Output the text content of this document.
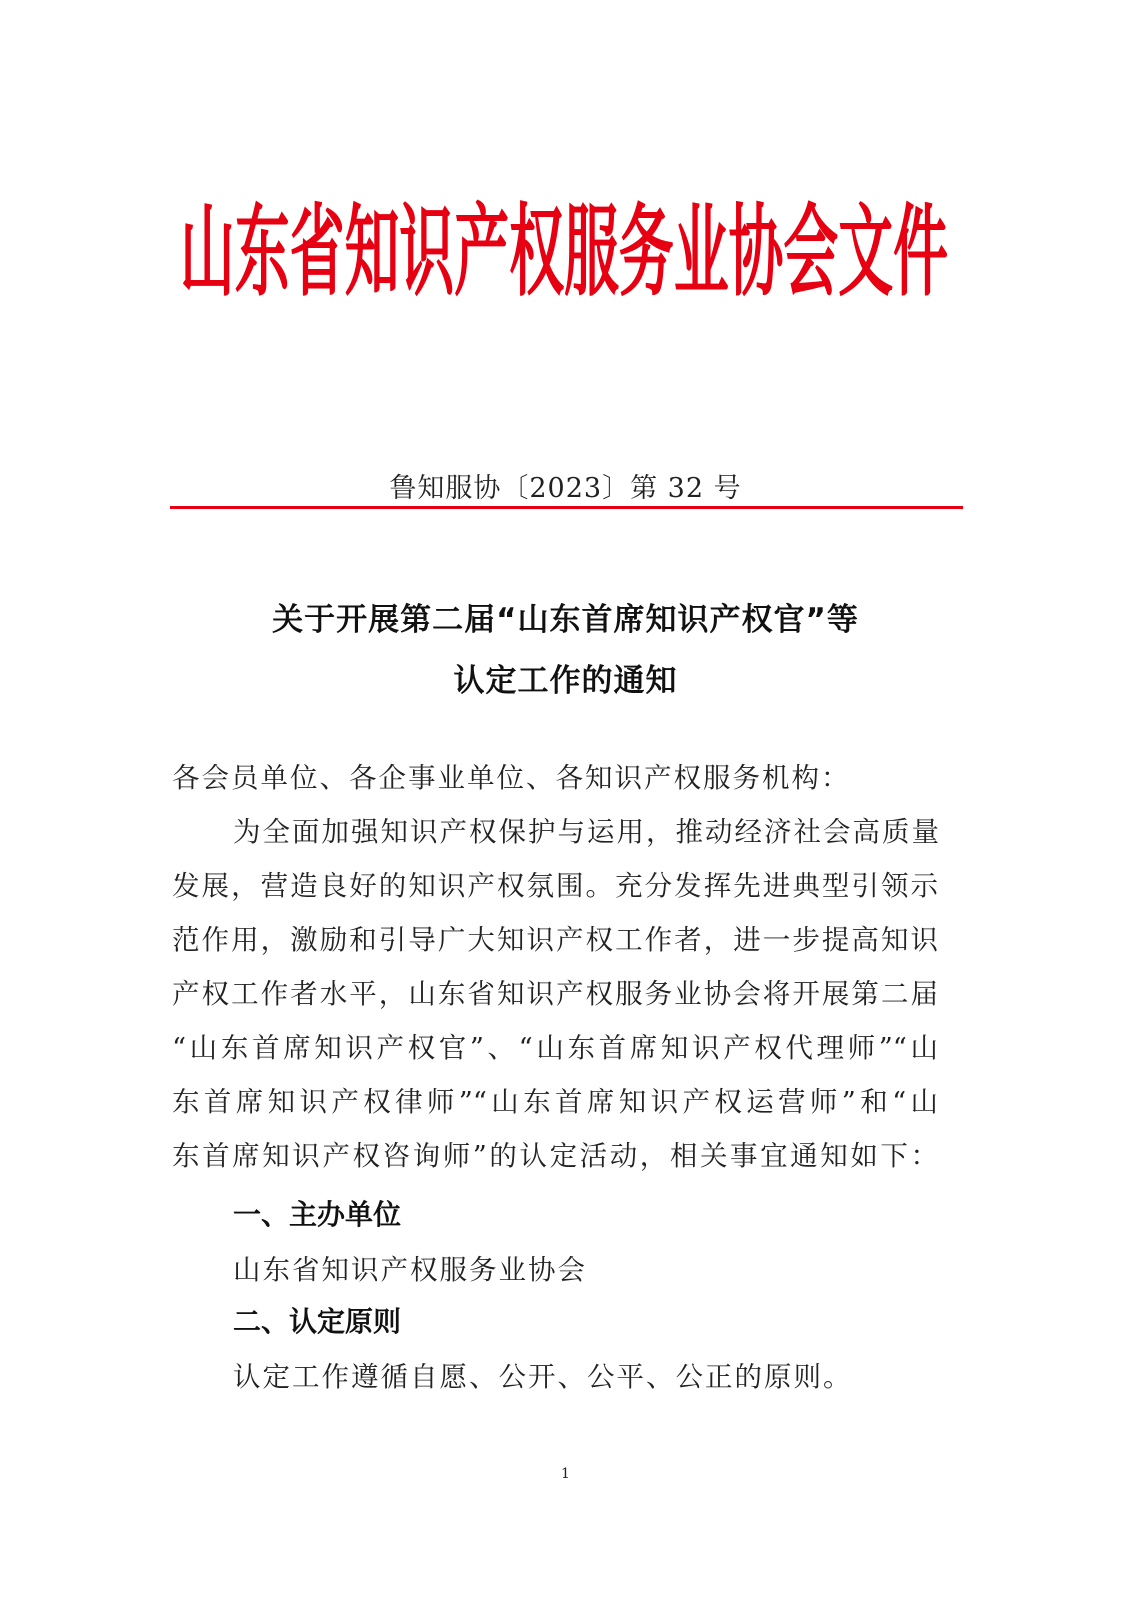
山东省知识产权服务业协会文件
鲁知服协〔2023〕第 32 号
关于开展第二届“山东首席知识产权官”等
认定工作的通知
各会员单位、各企事业单位、各知识产权服务机构：
为全面加强知识产权保护与运用，推动经济社会高质量
发展，营造良好的知识产权氛围。充分发挥先进典型引领示
范作用，激励和引导广大知识产权工作者，进一步提高知识
产权工作者水平，山东省知识产权服务业协会将开展第二届
“山东首席知识产权官”、“山东首席知识产权代理师”“山
东首席知识产权律师”“山东首席知识产权运营师”和“山
东首席知识产权咨询师”的认定活动，相关事宜通知如下：
一、主办单位
山东省知识产权服务业协会
二、认定原则
认定工作遵循自愿、公开、公平、公正的原则。
1
